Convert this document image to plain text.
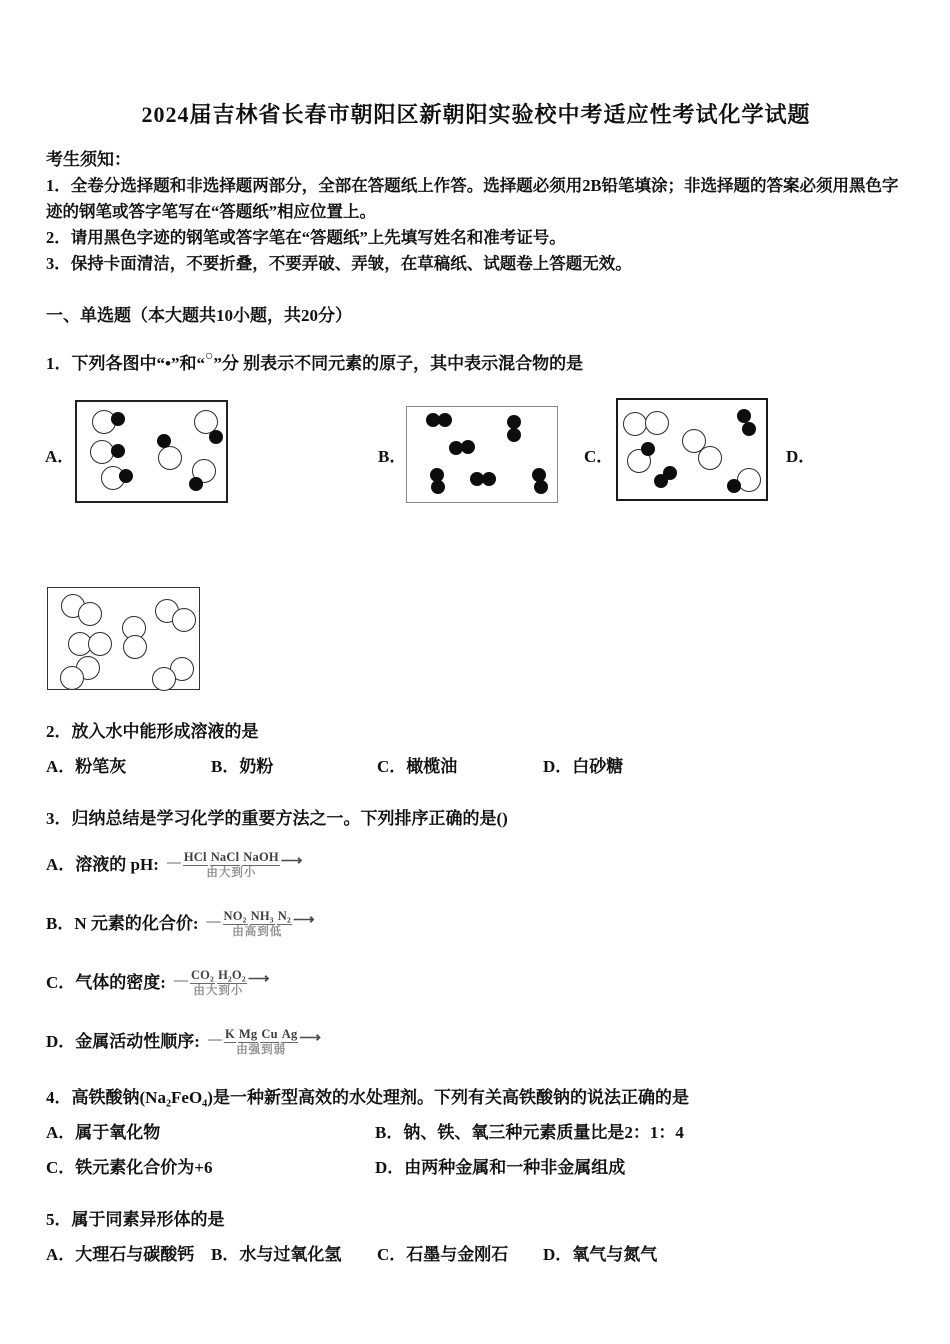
2024届吉林省长春市朝阳区新朝阳实验校中考适应性考试化学试题
考生须知：

1．全卷分选择题和非选择题两部分，全部在答题纸上作答。选择题必须用2B铅笔填涂；非选择题的答案必须用黑色字迹的钢笔或答字笔写在“答题纸”相应位置上。

2．请用黑色字迹的钢笔或答字笔在“答题纸”上先填写姓名和准考证号。

3．保持卡面清洁，不要折叠，不要弄破、弄皱，在草稿纸、试题卷上答题无效。

一、单选题（本大题共10小题，共20分）
1．下列各图中“•”和“○”分 别表示不同元素的原子，其中表示混合物的是
A．	B．	C．	D．
2．放入水中能形成溶液的是
A．粉笔灰	B．奶粉	C．橄榄油	D．白砂糖
3．归纳总结是学习化学的重要方法之一。下列排序正确的是()
A．溶液的 pH: — HCl NaCl NaOH
由大到小
⟶
B．N 元素的化合价: — NO₂ NH₃ N₂
由高到低
⟶
C．气体的密度: — CO₂ H₂O₂
由大到小
⟶
D．金属活动性顺序: — K Mg Cu Ag
由强到弱
⟶
4．高铁酸钠(Na₂FeO₄)是一种新型高效的水处理剂。下列有关高铁酸钠的说法正确的是
A．属于氧化物	B．钠、铁、氧三种元素质量比是2：1：4
C．铁元素化合价为+6	D．由两种金属和一种非金属组成
5．属于同素异形体的是
A．大理石与碳酸钙 B．水与过氧化氢	C．石墨与金刚石	D．氧气与氮气
